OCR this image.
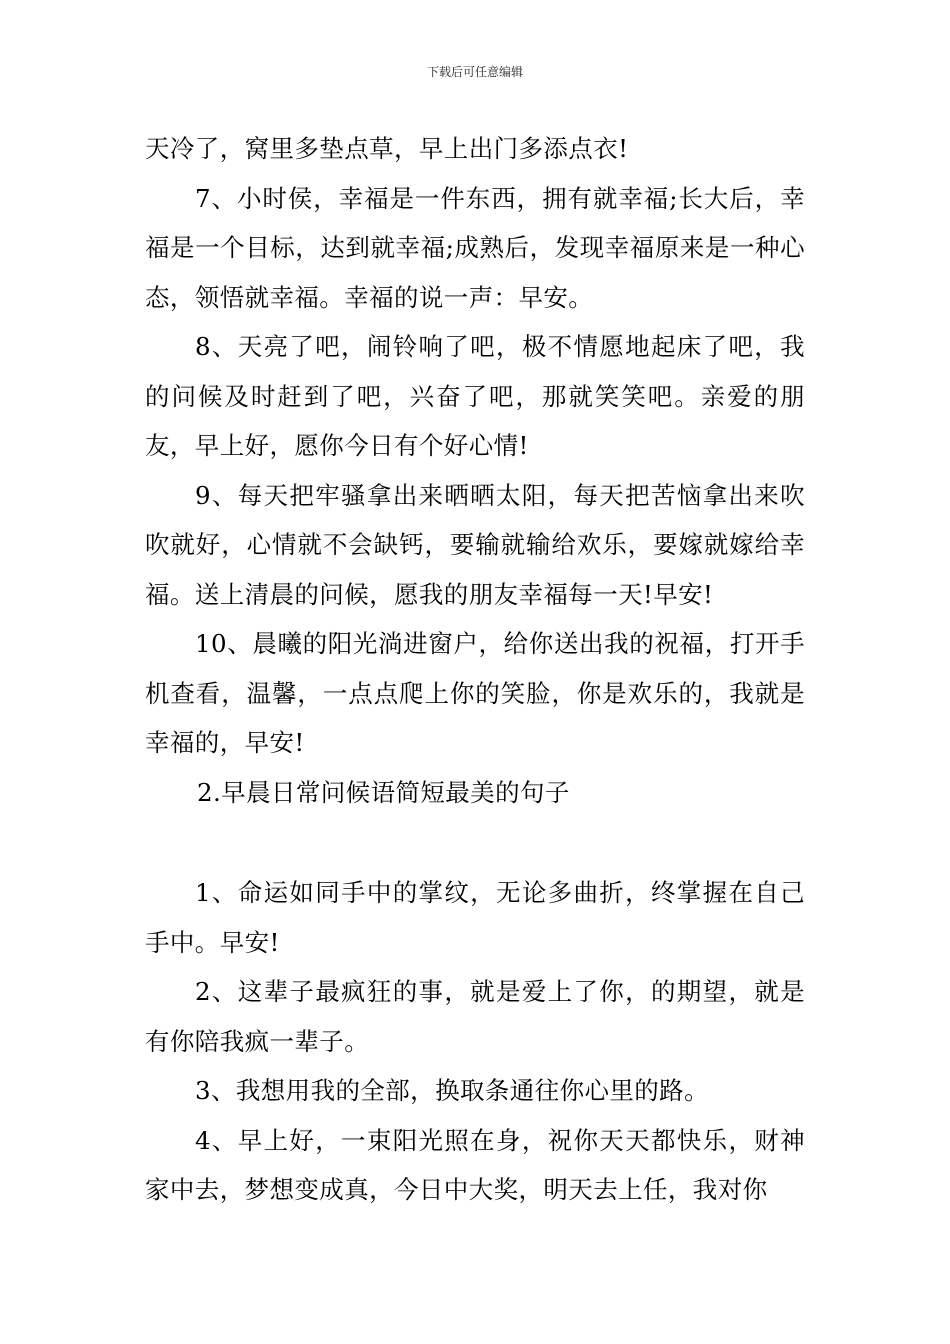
下载后可任意编辑

天冷了，窝里多垫点草，早上出门多添点衣!

7、小时侯，幸福是一件东西，拥有就幸福;长大后，幸福是一个目标，达到就幸福;成熟后，发现幸福原来是一种心态，领悟就幸福。幸福的说一声：早安。

8、天亮了吧，闹铃响了吧，极不情愿地起床了吧，我的问候及时赶到了吧，兴奋了吧，那就笑笑吧。亲爱的朋友，早上好，愿你今日有个好心情!

9、每天把牢骚拿出来晒晒太阳，每天把苦恼拿出来吹吹就好，心情就不会缺钙，要输就输给欢乐，要嫁就嫁给幸福。送上清晨的问候，愿我的朋友幸福每一天!早安!

10、晨曦的阳光淌进窗户，给你送出我的祝福，打开手机查看，温馨，一点点爬上你的笑脸，你是欢乐的，我就是幸福的，早安!

2.早晨日常问候语简短最美的句子

1、命运如同手中的掌纹，无论多曲折，终掌握在自己手中。早安!

2、这辈子最疯狂的事，就是爱上了你，的期望，就是有你陪我疯一辈子。

3、我想用我的全部，换取条通往你心里的路。

4、早上好，一束阳光照在身，祝你天天都快乐，财神家中去，梦想变成真，今日中大奖，明天去上任，我对你
